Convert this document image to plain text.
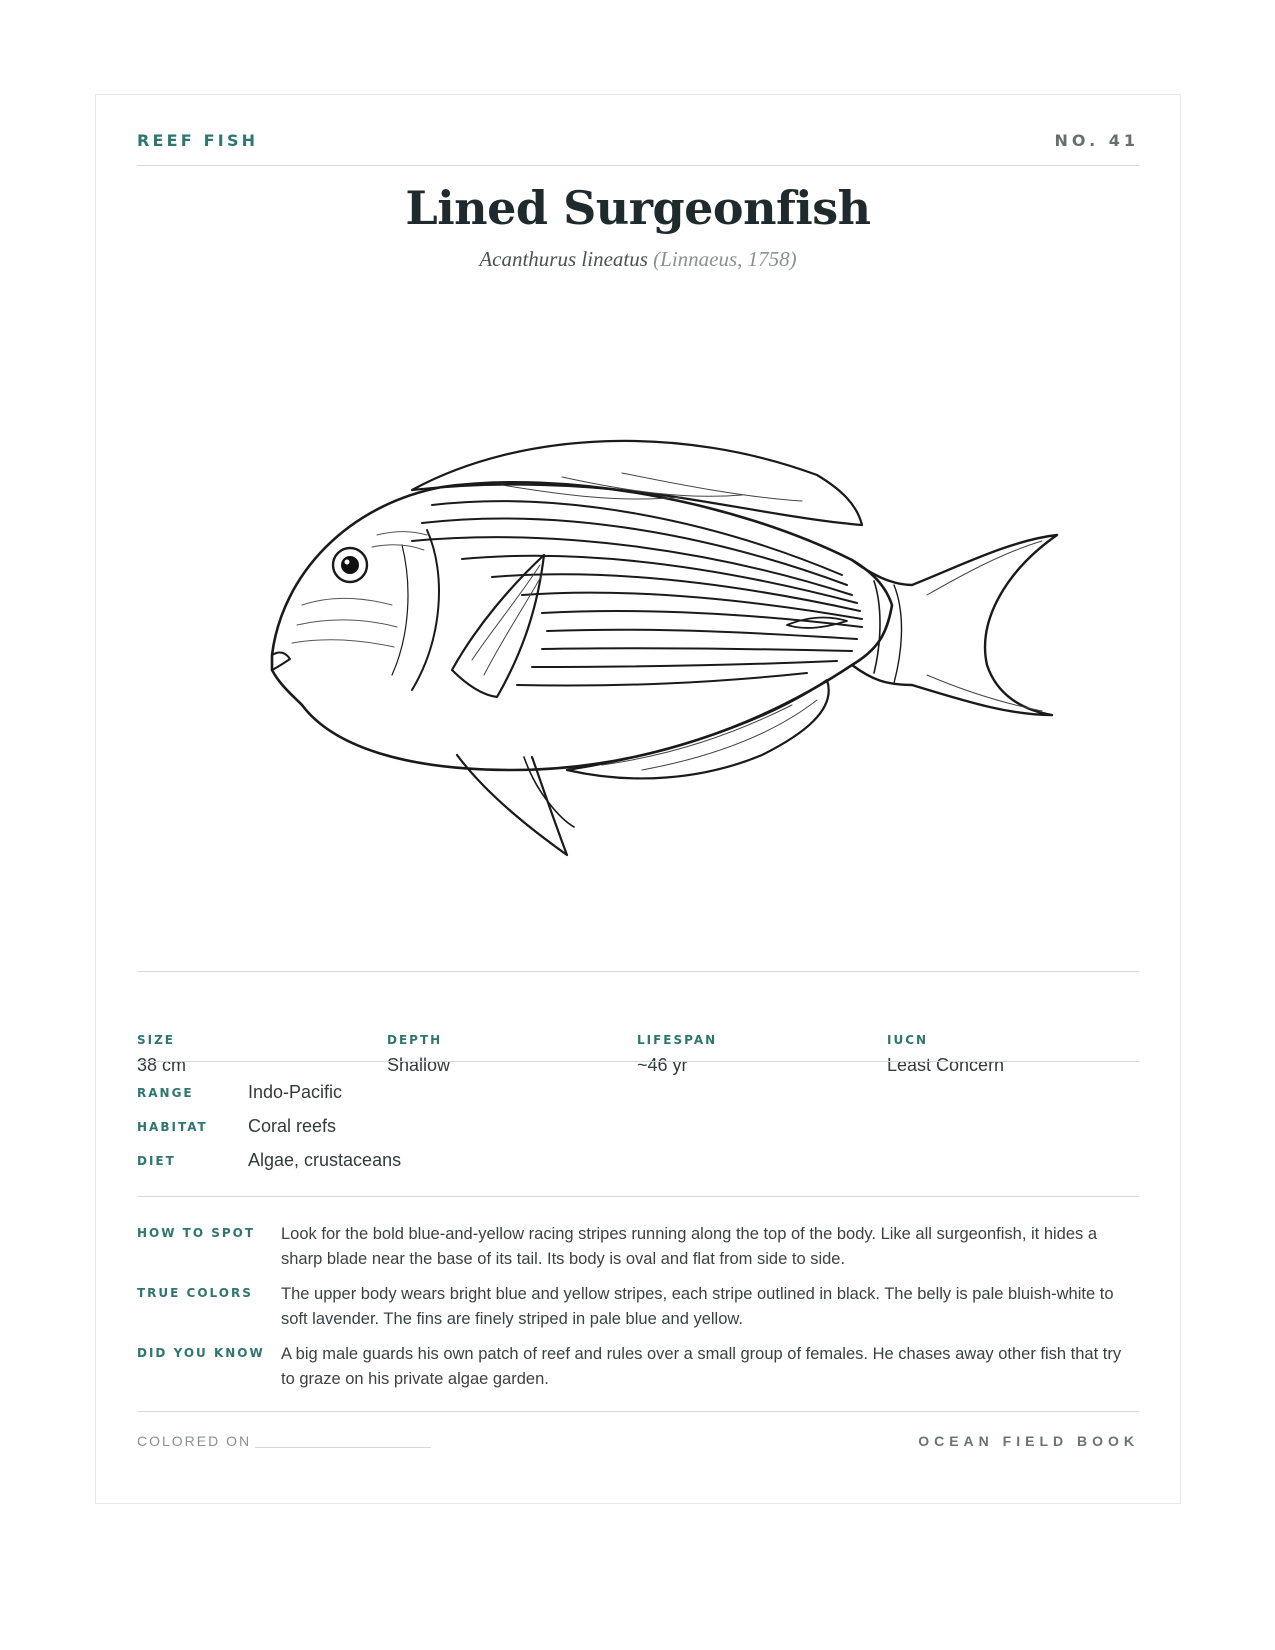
REEF FISH	NO. 41
Lined Surgeonfish
Acanthurus lineatus (Linnaeus, 1758)
SIZE
38 cm
DEPTH
Shallow
LIFESPAN
~46 yr
IUCN
Least Concern
RANGE	Indo-Pacific
HABITAT Coral reefs
DIET	Algae, crustaceans
HOW TO SPOT Look for the bold blue-and-yellow racing stripes running along the top of the body. Like all surgeonfish, it hides a sharp blade near the base of its tail. Its body is oval and flat from side to side.
TRUE COLORS The upper body wears bright blue and yellow stripes, each stripe outlined in black. The belly is pale bluish-white to soft lavender. The fins are finely striped in pale blue and yellow.
DID YOU KNOW A big male guards his own patch of reef and rules over a small group of females. He chases away other fish that try to graze on his private algae garden.
COLORED ON	OCEAN FIELD BOOK
